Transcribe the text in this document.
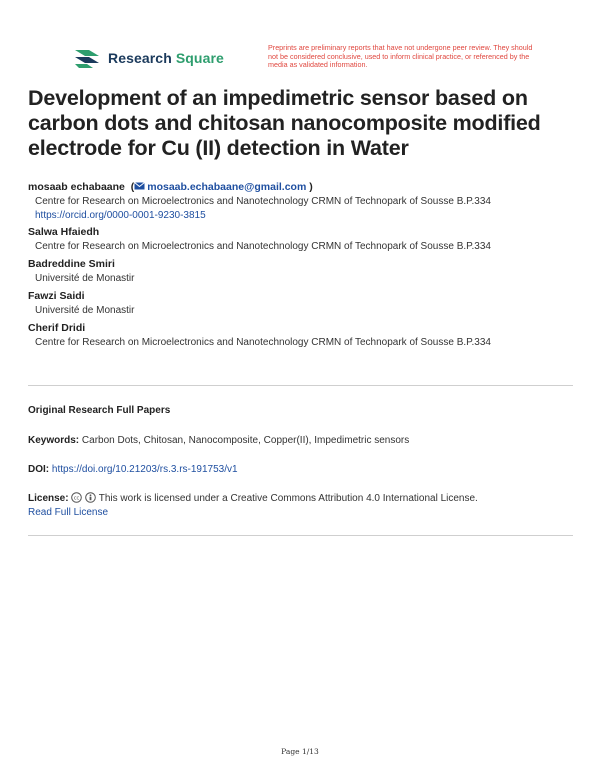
Research Square
Preprints are preliminary reports that have not undergone peer review. They should not be considered conclusive, used to inform clinical practice, or referenced by the media as validated information.
Development of an impedimetric sensor based on carbon dots and chitosan nanocomposite modified electrode for Cu (II) detection in Water
mosaab echabaane  ( mosaab.echabaane@gmail.com )
Centre for Research on Microelectronics and Nanotechnology CRMN of Technopark of Sousse B.P.334
https://orcid.org/0000-0001-9230-3815
Salwa Hfaiedh
Centre for Research on Microelectronics and Nanotechnology CRMN of Technopark of Sousse B.P.334
Badreddine Smiri
Université de Monastir
Fawzi Saidi
Université de Monastir
Cherif Dridi
Centre for Research on Microelectronics and Nanotechnology CRMN of Technopark of Sousse B.P.334
Original Research Full Papers
Keywords: Carbon Dots, Chitosan, Nanocomposite, Copper(II), Impedimetric sensors
DOI: https://doi.org/10.21203/rs.3.rs-191753/v1
License: cc This work is licensed under a Creative Commons Attribution 4.0 International License.
Read Full License
Page 1/13
